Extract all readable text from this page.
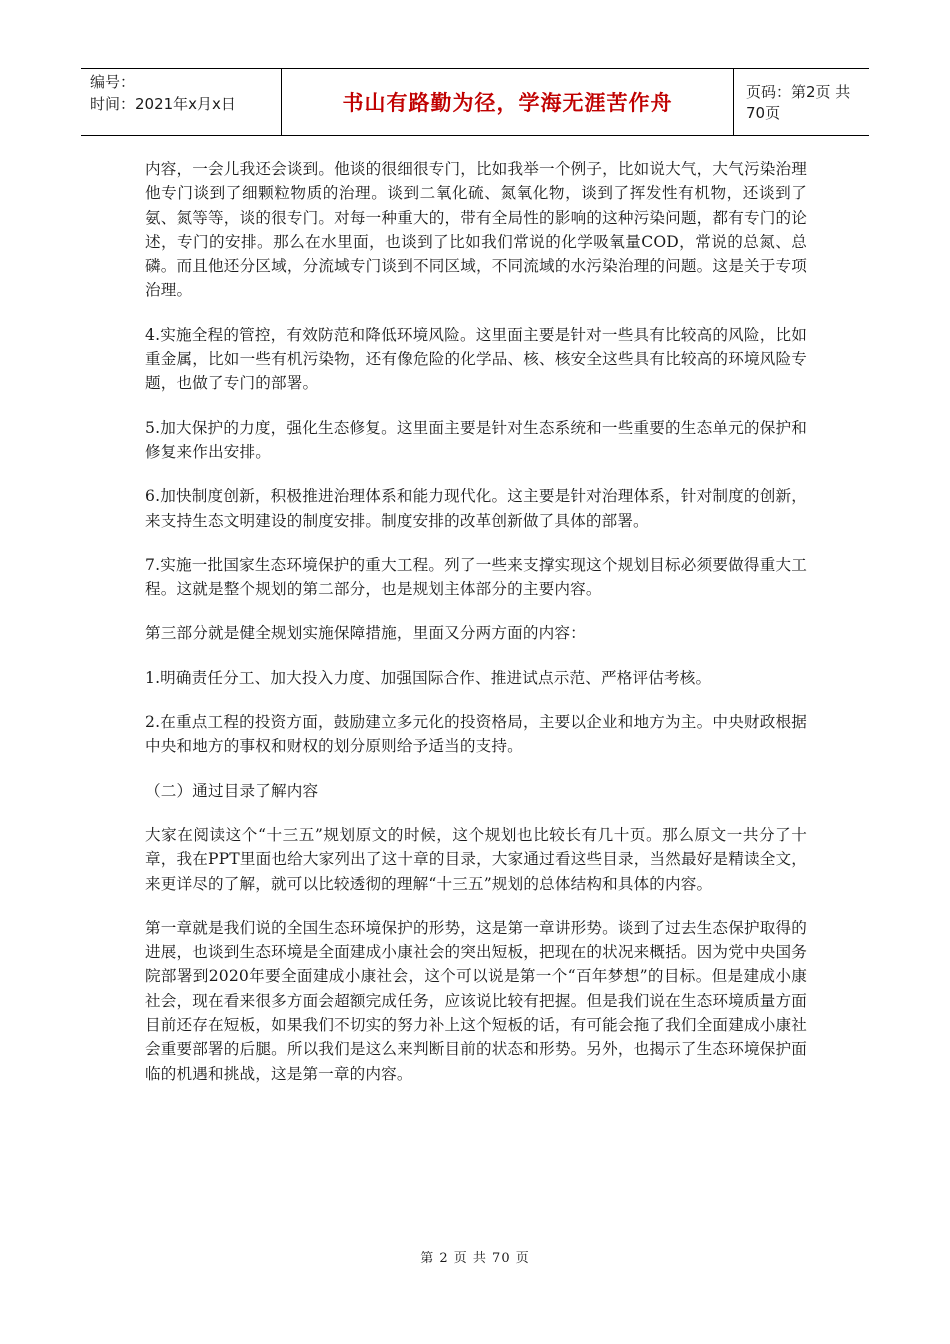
编号：
时间：2021年x月x日	书山有路勤为径，学海无涯苦作舟	页码：第2页 共70页

内容，一会儿我还会谈到。他谈的很细很专门，比如我举一个例子，比如说大气，大气污染治理他专门谈到了细颗粒物质的治理。谈到二氧化硫、氮氧化物，谈到了挥发性有机物，还谈到了氨、氮等等，谈的很专门。对每一种重大的，带有全局性的影响的这种污染问题，都有专门的论述，专门的安排。那么在水里面，也谈到了比如我们常说的化学吸氧量COD，常说的总氮、总磷。而且他还分区域，分流域专门谈到不同区域，不同流域的水污染治理的问题。这是关于专项治理。

4.实施全程的管控，有效防范和降低环境风险。这里面主要是针对一些具有比较高的风险，比如重金属，比如一些有机污染物，还有像危险的化学品、核、核安全这些具有比较高的环境风险专题，也做了专门的部署。

5.加大保护的力度，强化生态修复。这里面主要是针对生态系统和一些重要的生态单元的保护和修复来作出安排。

6.加快制度创新，积极推进治理体系和能力现代化。这主要是针对治理体系，针对制度的创新，来支持生态文明建设的制度安排。制度安排的改革创新做了具体的部署。

7.实施一批国家生态环境保护的重大工程。列了一些来支撑实现这个规划目标必须要做得重大工程。这就是整个规划的第二部分，也是规划主体部分的主要内容。

第三部分就是健全规划实施保障措施，里面又分两方面的内容：

1.明确责任分工、加大投入力度、加强国际合作、推进试点示范、严格评估考核。

2.在重点工程的投资方面，鼓励建立多元化的投资格局，主要以企业和地方为主。中央财政根据中央和地方的事权和财权的划分原则给予适当的支持。

（二）通过目录了解内容

大家在阅读这个“十三五”规划原文的时候，这个规划也比较长有几十页。那么原文一共分了十章，我在PPT里面也给大家列出了这十章的目录，大家通过看这些目录，当然最好是精读全文，来更详尽的了解，就可以比较透彻的理解“十三五”规划的总体结构和具体的内容。

第一章就是我们说的全国生态环境保护的形势，这是第一章讲形势。谈到了过去生态保护取得的进展，也谈到生态环境是全面建成小康社会的突出短板，把现在的状况来概括。因为党中央国务院部署到2020年要全面建成小康社会，这个可以说是第一个“百年梦想”的目标。但是建成小康社会，现在看来很多方面会超额完成任务，应该说比较有把握。但是我们说在生态环境质量方面目前还存在短板，如果我们不切实的努力补上这个短板的话，有可能会拖了我们全面建成小康社会重要部署的后腿。所以我们是这么来判断目前的状态和形势。另外，也揭示了生态环境保护面临的机遇和挑战，这是第一章的内容。

第 2 页 共 70 页
